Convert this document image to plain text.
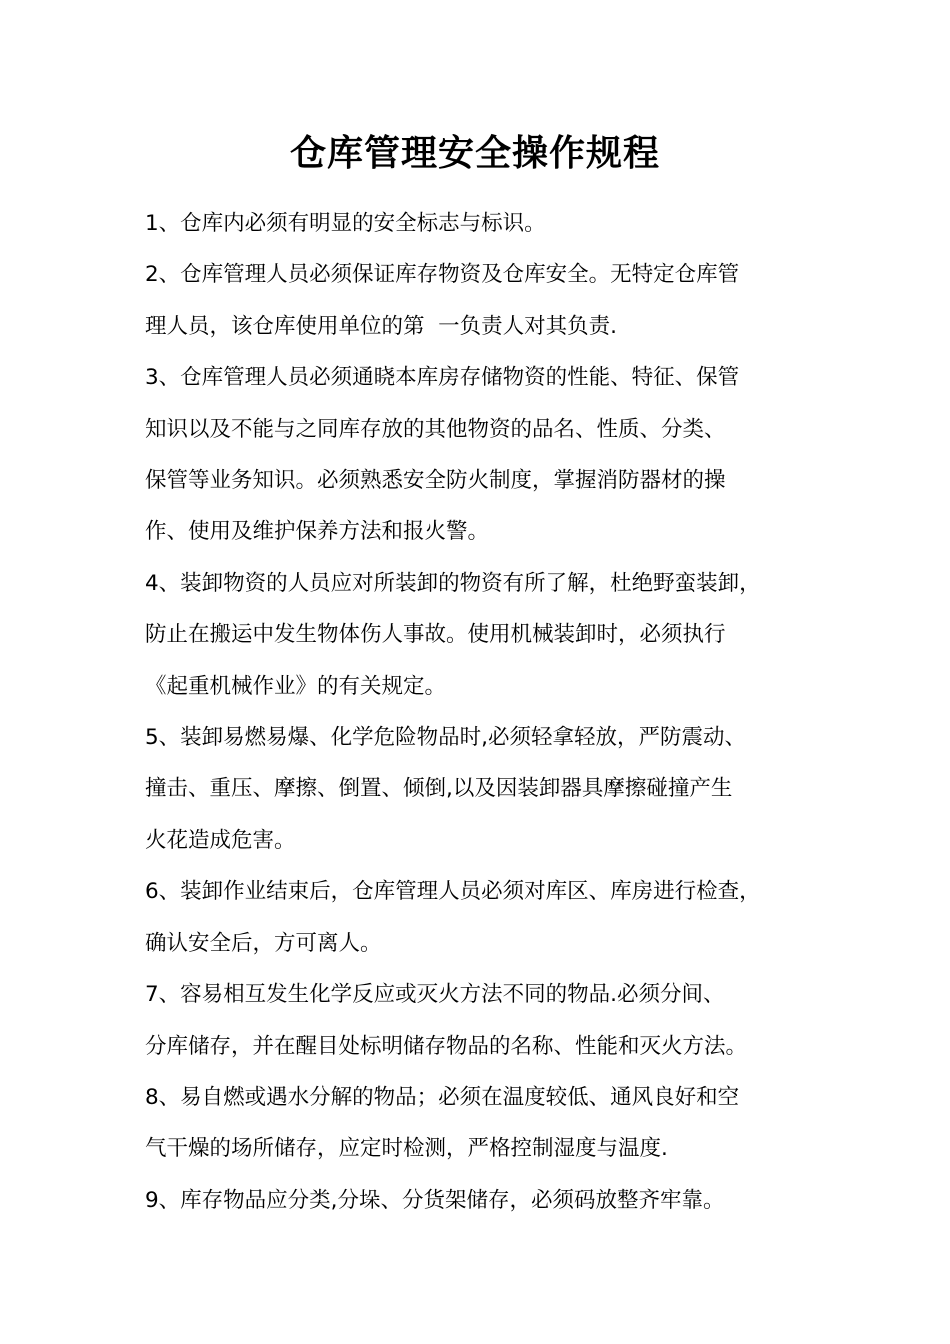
仓库管理安全操作规程

1、仓库内必须有明显的安全标志与标识。

2、仓库管理人员必须保证库存物资及仓库安全。无特定仓库管
理人员，该仓库使用单位的第  一负责人对其负责.

3、仓库管理人员必须通晓本库房存储物资的性能、特征、保管
知识以及不能与之同库存放的其他物资的品名、性质、分类、
保管等业务知识。必须熟悉安全防火制度，掌握消防器材的操
作、使用及维护保养方法和报火警。

4、装卸物资的人员应对所装卸的物资有所了解，杜绝野蛮装卸，
防止在搬运中发生物体伤人事故。使用机械装卸时，必须执行
《起重机械作业》的有关规定。

5、装卸易燃易爆、化学危险物品时,必须轻拿轻放，严防震动、
撞击、重压、摩擦、倒置、倾倒,以及因装卸器具摩擦碰撞产生
火花造成危害。

6、装卸作业结束后，仓库管理人员必须对库区、库房进行检查，
确认安全后，方可离人。

7、容易相互发生化学反应或灭火方法不同的物品.必须分间、
分库储存，并在醒目处标明储存物品的名称、性能和灭火方法。

8、易自燃或遇水分解的物品；必须在温度较低、通风良好和空
气干燥的场所储存，应定时检测，严格控制湿度与温度.

9、库存物品应分类,分垛、分货架储存，必须码放整齐牢靠。
